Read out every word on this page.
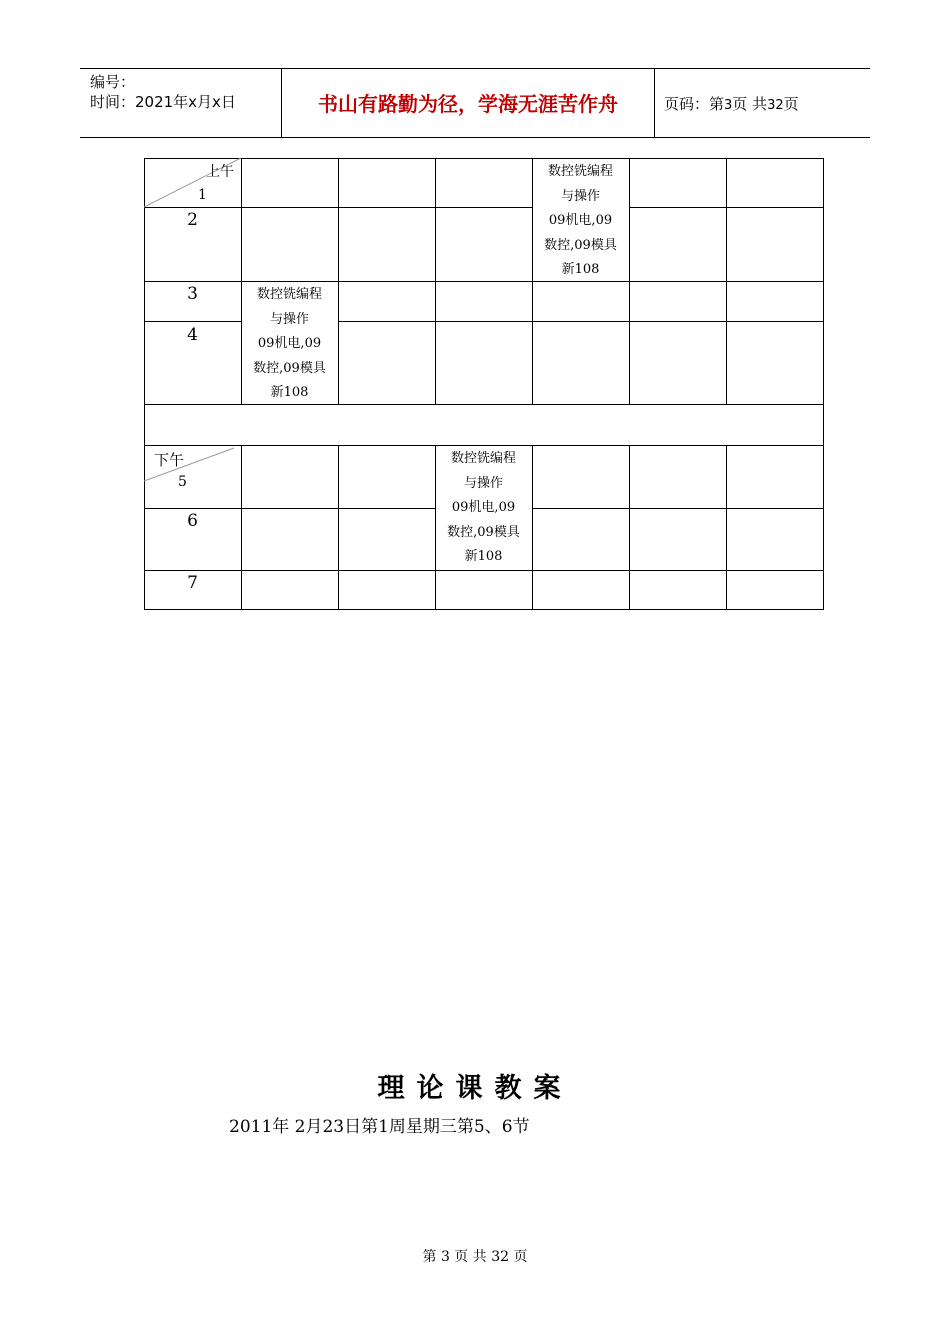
编号：
时间：2021年x月x日	书山有路勤为径，学海无涯苦作舟	页码：第3页 共32页
上午
1
2
3
4
下午
5
6
7
数控铣编程
与操作
09机电,09
数控,09模具
新108
数控铣编程
与操作
09机电,09
数控,09模具
新108
数控铣编程
与操作
09机电,09
数控,09模具
新108
理论课教案
2011年 2月23日第1周星期三第5、6节
第 3 页 共 32 页
